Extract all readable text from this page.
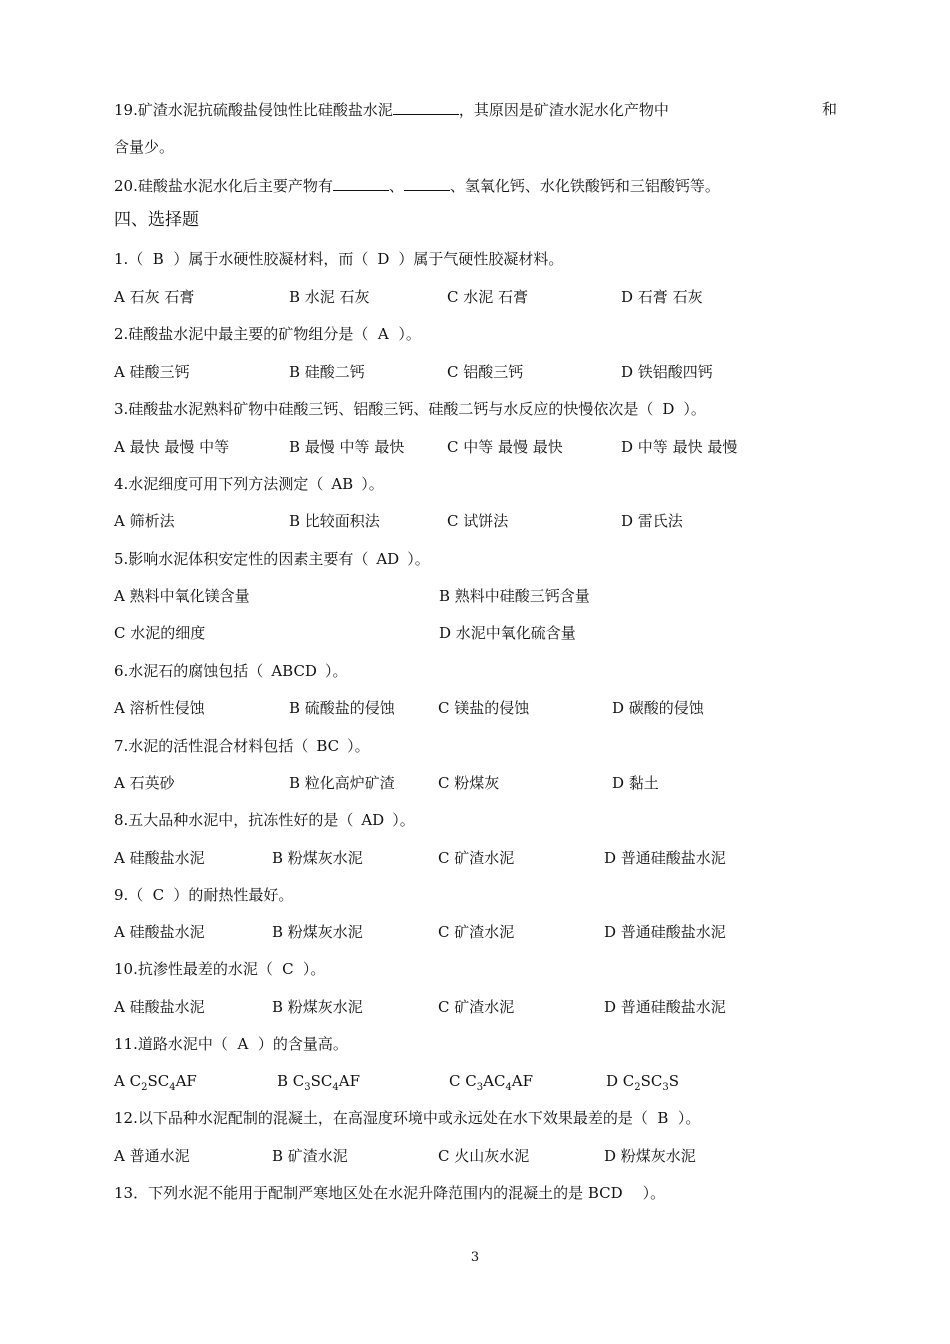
19.矿渣水泥抗硫酸盐侵蚀性比硅酸盐水泥	，其原因是矿渣水泥水化产物中	和
含量少。
20.硅酸盐水泥水化后主要产物有	、	、氢氧化钙、水化铁酸钙和三铝酸钙等。
四、选择题
1.（ B ）属于水硬性胶凝材料，而（ D ）属于气硬性胶凝材料。
A 石灰 石膏	B 水泥 石灰	C 水泥 石膏	D 石膏 石灰
2.硅酸盐水泥中最主要的矿物组分是（ A ）。
A 硅酸三钙	B 硅酸二钙	C 铝酸三钙	D 铁铝酸四钙
3.硅酸盐水泥熟料矿物中硅酸三钙、铝酸三钙、硅酸二钙与水反应的快慢依次是（ D ）。
A 最快 最慢 中等	B 最慢 中等 最快	C 中等 最慢 最快	D 中等 最快 最慢
4.水泥细度可用下列方法测定（ AB ）。
A 筛析法	B 比较面积法	C 试饼法	D 雷氏法
5.影响水泥体积安定性的因素主要有（ AD ）。
A 熟料中氧化镁含量	B 熟料中硅酸三钙含量
C 水泥的细度	D 水泥中氧化硫含量
6.水泥石的腐蚀包括（ ABCD ）。
A 溶析性侵蚀	B 硫酸盐的侵蚀	C 镁盐的侵蚀	D 碳酸的侵蚀
7.水泥的活性混合材料包括（ BC ）。
A 石英砂	B 粒化高炉矿渣	C 粉煤灰	D 黏土
8.五大品种水泥中，抗冻性好的是（ AD ）。
A 硅酸盐水泥	B 粉煤灰水泥	C 矿渣水泥	D 普通硅酸盐水泥
9.（ C ）的耐热性最好。
A 硅酸盐水泥	B 粉煤灰水泥	C 矿渣水泥	D 普通硅酸盐水泥
10.抗渗性最差的水泥（ C ）。
A 硅酸盐水泥	B 粉煤灰水泥	C 矿渣水泥	D 普通硅酸盐水泥
11.道路水泥中（ A ）的含量高。
A $C_2SC_4AF$	B $C_3SC_4AF$	C $C_3AC_4AF$	D $C_2SC_3S$
12.以下品种水泥配制的混凝土，在高湿度环境中或永远处在水下效果最差的是（ B ）。
A 普通水泥	B 矿渣水泥	C 火山灰水泥	D 粉煤灰水泥
13．下列水泥不能用于配制严寒地区处在水泥升降范围内的混凝土的是 BCD ）。
3
